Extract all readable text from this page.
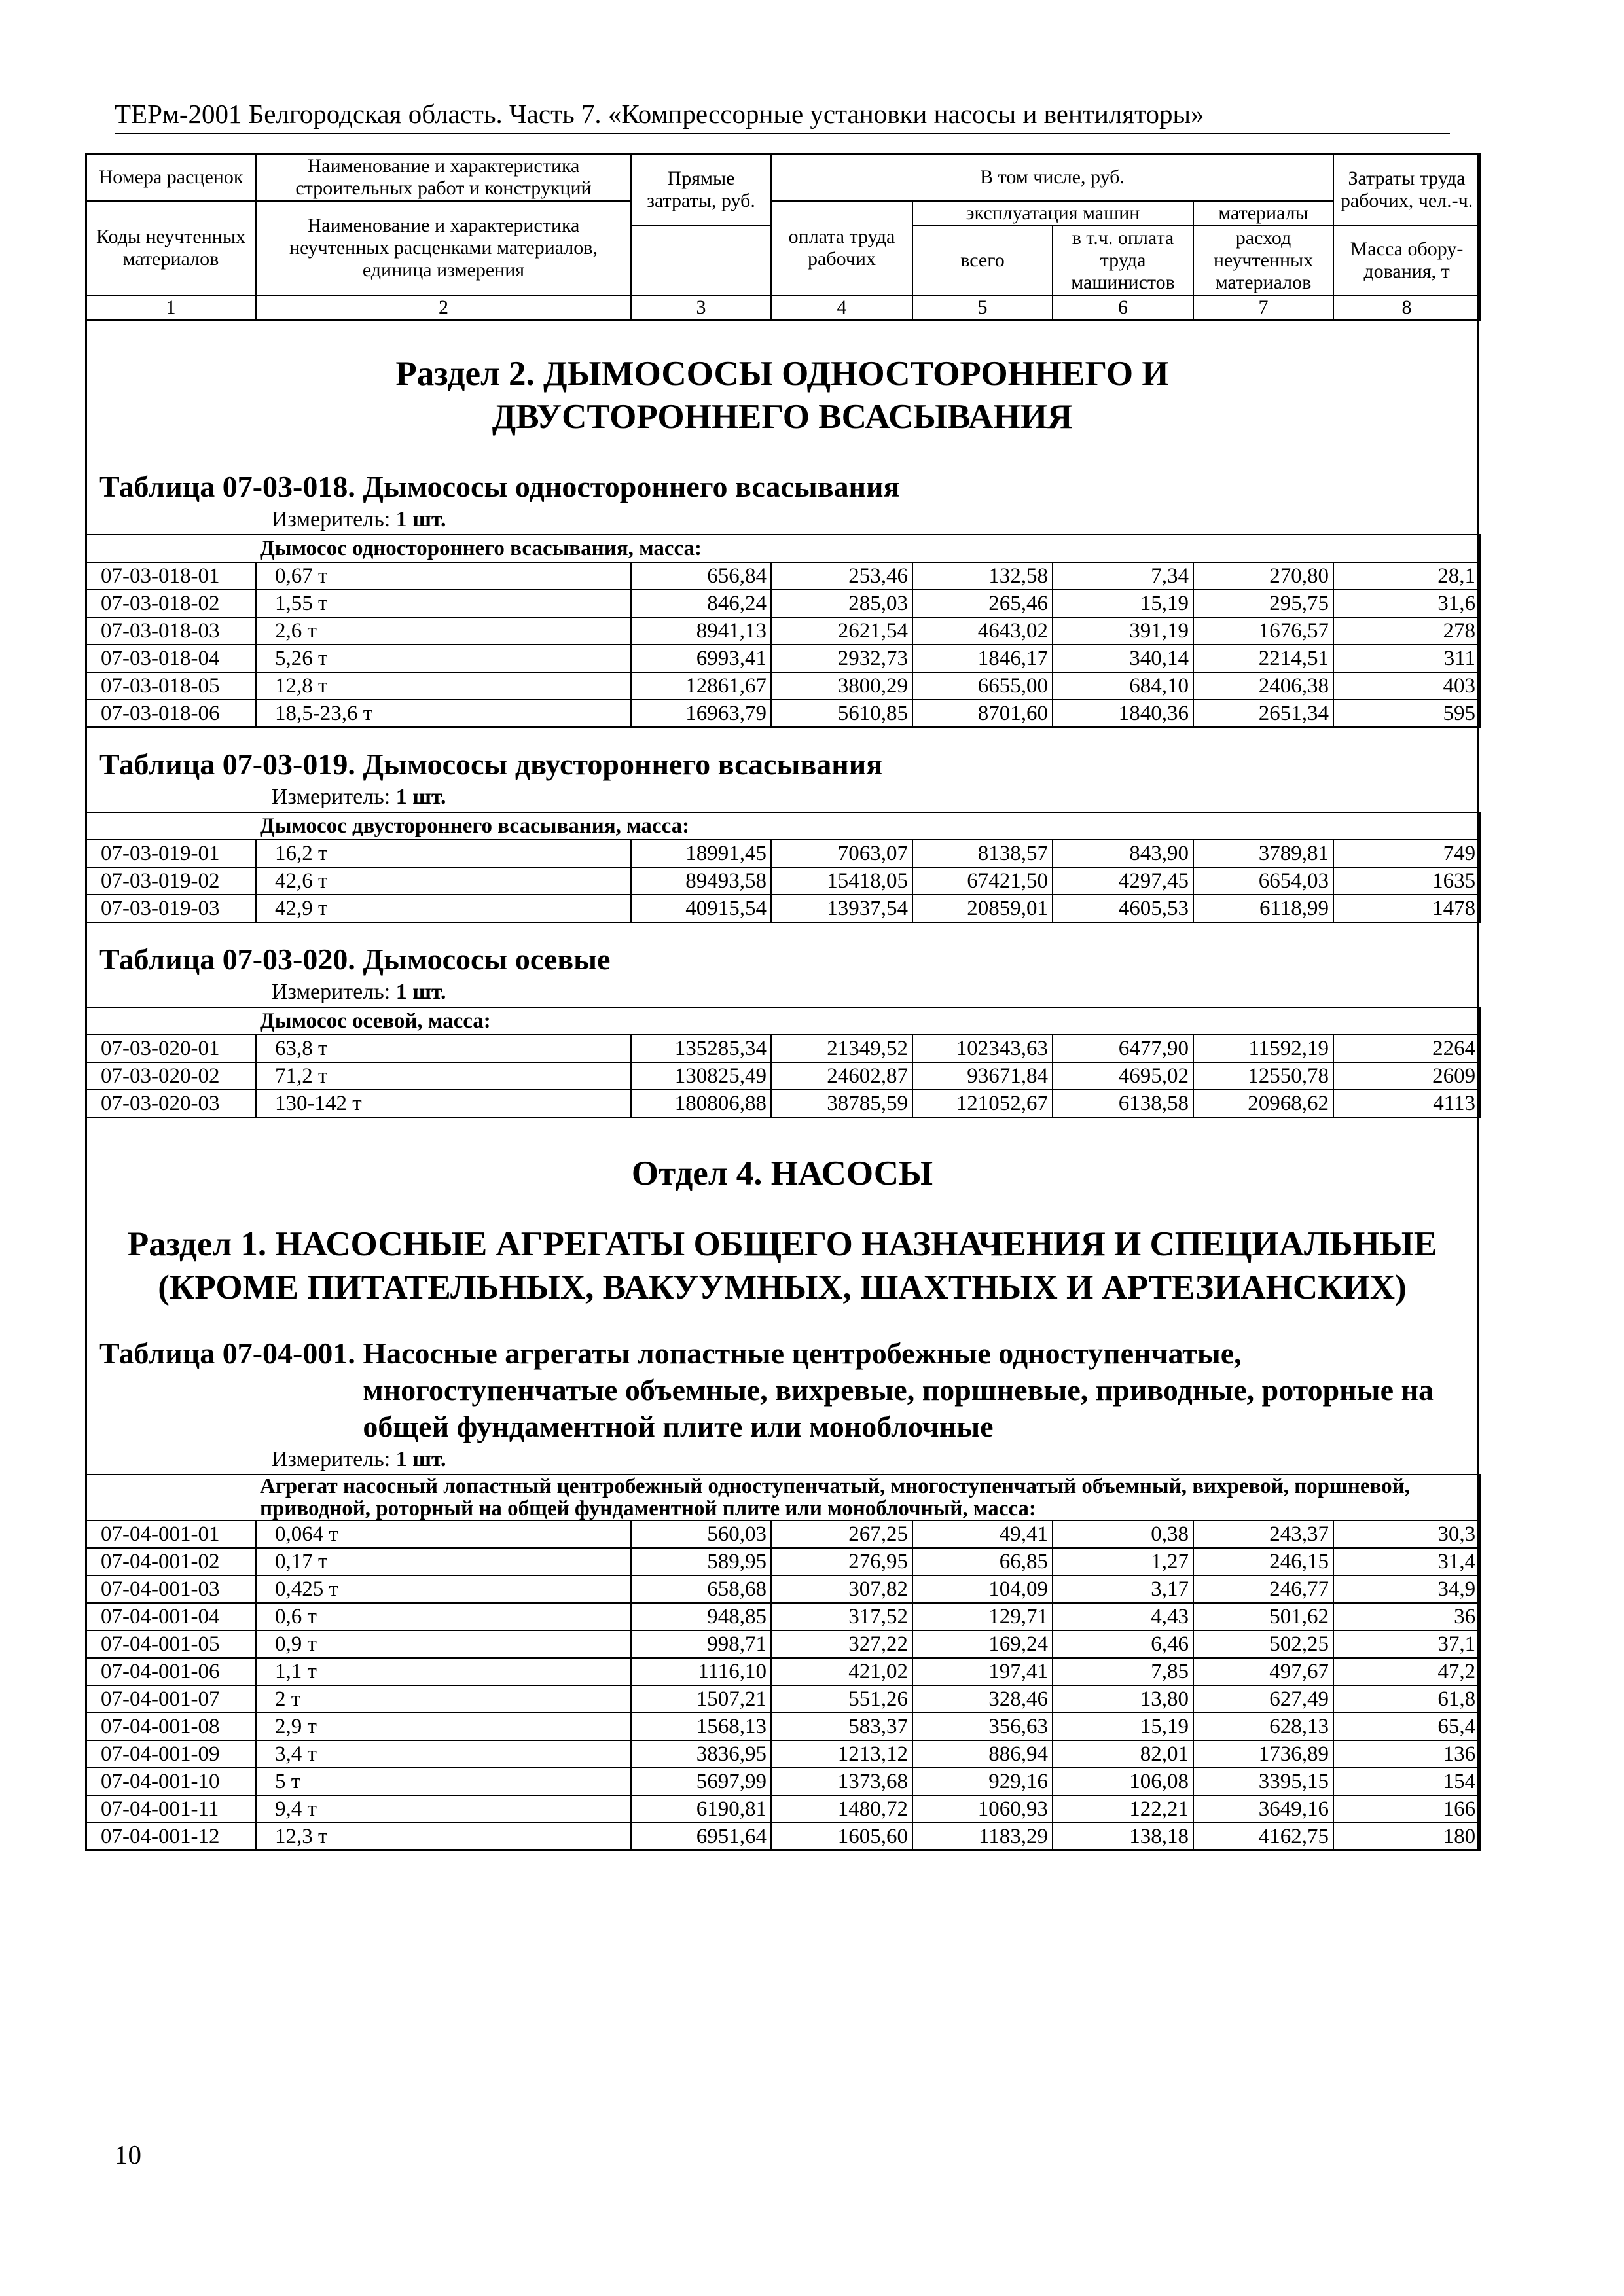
ТЕРм-2001 Белгородская область. Часть 7. «Компрессорные установки насосы и вентиляторы»
Номера расценок	Наименование и характеристика строительных работ и конструкций	Прямые затраты, руб.	В том числе, руб.				Затраты труда рабочих, чел.-ч.
Коды неучтенных материалов	Наименование и характеристика неучтенных расценками материалов, единица измерения		оплата труда рабочих	эксплуатация машин		материалы	
				всего	в т.ч. оплата труда машинистов	расход неучтенных материалов	
							Масса обору-дования, т
1	2	3	4	5	6	7	8
Раздел 2. ДЫМОСОСЫ ОДНОСТОРОННЕГО И ДВУСТОРОННЕГО ВСАСЫВАНИЯ
Таблица 07-03-018. Дымососы одностороннего всасывания
Измеритель: 1 шт.
	Дымосос одностороннего всасывания, масса:						
07-03-018-01	0,67 т	656,84	253,46	132,58	7,34	270,80	28,1
07-03-018-02	1,55 т	846,24	285,03	265,46	15,19	295,75	31,6
07-03-018-03	2,6 т	8941,13	2621,54	4643,02	391,19	1676,57	278
07-03-018-04	5,26 т	6993,41	2932,73	1846,17	340,14	2214,51	311
07-03-018-05	12,8 т	12861,67	3800,29	6655,00	684,10	2406,38	403
07-03-018-06	18,5-23,6 т	16963,79	5610,85	8701,60	1840,36	2651,34	595
Таблица 07-03-019. Дымососы двустороннего всасывания
Измеритель: 1 шт.
	Дымосос двустороннего всасывания, масса:						
07-03-019-01	16,2 т	18991,45	7063,07	8138,57	843,90	3789,81	749
07-03-019-02	42,6 т	89493,58	15418,05	67421,50	4297,45	6654,03	1635
07-03-019-03	42,9 т	40915,54	13937,54	20859,01	4605,53	6118,99	1478
Таблица 07-03-020. Дымососы осевые
Измеритель: 1 шт.
	Дымосос осевой, масса:						
07-03-020-01	63,8 т	135285,34	21349,52	102343,63	6477,90	11592,19	2264
07-03-020-02	71,2 т	130825,49	24602,87	93671,84	4695,02	12550,78	2609
07-03-020-03	130-142 т	180806,88	38785,59	121052,67	6138,58	20968,62	4113
Отдел 4. НАСОСЫ
Раздел 1. НАСОСНЫЕ АГРЕГАТЫ ОБЩЕГО НАЗНАЧЕНИЯ И СПЕЦИАЛЬНЫЕ (КРОМЕ ПИТАТЕЛЬНЫХ, ВАКУУМНЫХ, ШАХТНЫХ И АРТЕЗИАНСКИХ)
Таблица 07-04-001. Насосные агрегаты лопастные центробежные одноступенчатые, многоступенчатые объемные, вихревые, поршневые, приводные, роторные на общей фундаментной плите или моноблочные
Измеритель: 1 шт.
	Агрегат насосный лопастный центробежный одноступенчатый, многоступенчатый объемный, вихревой, поршневой, приводной, роторный на общей фундаментной плите или моноблочный, масса:						
07-04-001-01	0,064 т	560,03	267,25	49,41	0,38	243,37	30,3
07-04-001-02	0,17 т	589,95	276,95	66,85	1,27	246,15	31,4
07-04-001-03	0,425 т	658,68	307,82	104,09	3,17	246,77	34,9
07-04-001-04	0,6 т	948,85	317,52	129,71	4,43	501,62	36
07-04-001-05	0,9 т	998,71	327,22	169,24	6,46	502,25	37,1
07-04-001-06	1,1 т	1116,10	421,02	197,41	7,85	497,67	47,2
07-04-001-07	2 т	1507,21	551,26	328,46	13,80	627,49	61,8
07-04-001-08	2,9 т	1568,13	583,37	356,63	15,19	628,13	65,4
07-04-001-09	3,4 т	3836,95	1213,12	886,94	82,01	1736,89	136
07-04-001-10	5 т	5697,99	1373,68	929,16	106,08	3395,15	154
07-04-001-11	9,4 т	6190,81	1480,72	1060,93	122,21	3649,16	166
07-04-001-12	12,3 т	6951,64	1605,60	1183,29	138,18	4162,75	180
10
